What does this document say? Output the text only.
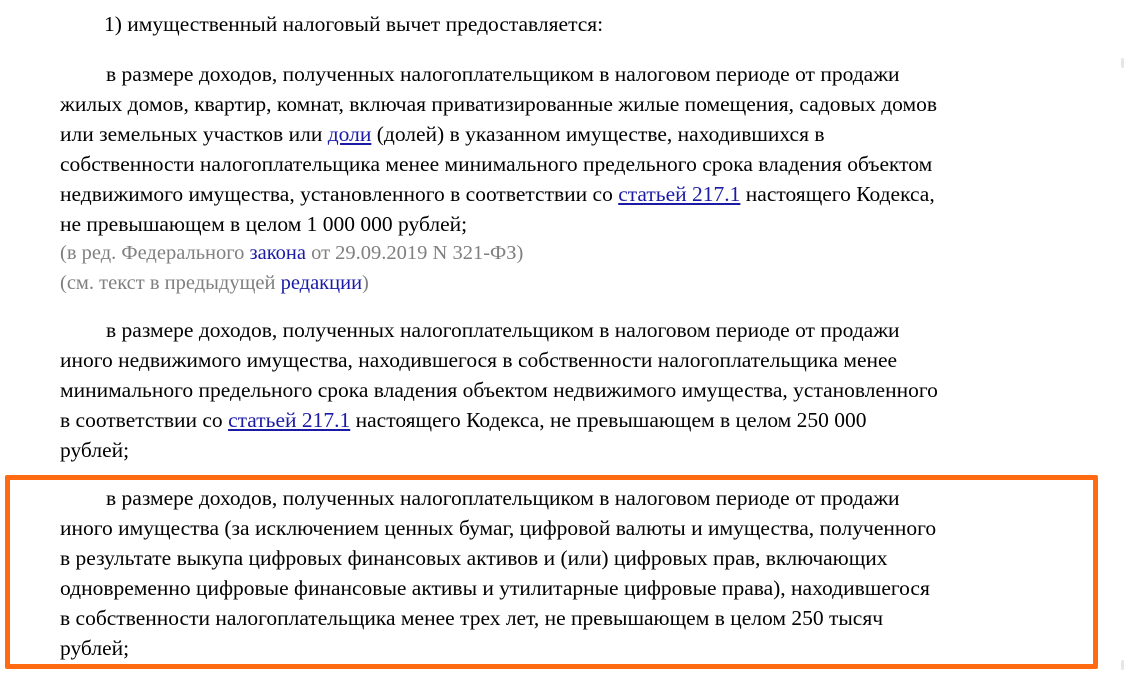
1) имущественный налоговый вычет предоставляется:
в размере доходов, полученных налогоплательщиком в налоговом периоде от продажи
жилых домов, квартир, комнат, включая приватизированные жилые помещения, садовых домов
или земельных участков или доли (долей) в указанном имуществе, находившихся в
собственности налогоплательщика менее минимального предельного срока владения объектом
недвижимого имущества, установленного в соответствии со статьей 217.1 настоящего Кодекса,
не превышающем в целом 1 000 000 рублей;
(в ред. Федерального закона от 29.09.2019 N 321-ФЗ)
(см. текст в предыдущей редакции)
в размере доходов, полученных налогоплательщиком в налоговом периоде от продажи
иного недвижимого имущества, находившегося в собственности налогоплательщика менее
минимального предельного срока владения объектом недвижимого имущества, установленного
в соответствии со статьей 217.1 настоящего Кодекса, не превышающем в целом 250 000
рублей;
в размере доходов, полученных налогоплательщиком в налоговом периоде от продажи
иного имущества (за исключением ценных бумаг, цифровой валюты и имущества, полученного
в результате выкупа цифровых финансовых активов и (или) цифровых прав, включающих
одновременно цифровые финансовые активы и утилитарные цифровые права), находившегося
в собственности налогоплательщика менее трех лет, не превышающем в целом 250 тысяч
рублей;
